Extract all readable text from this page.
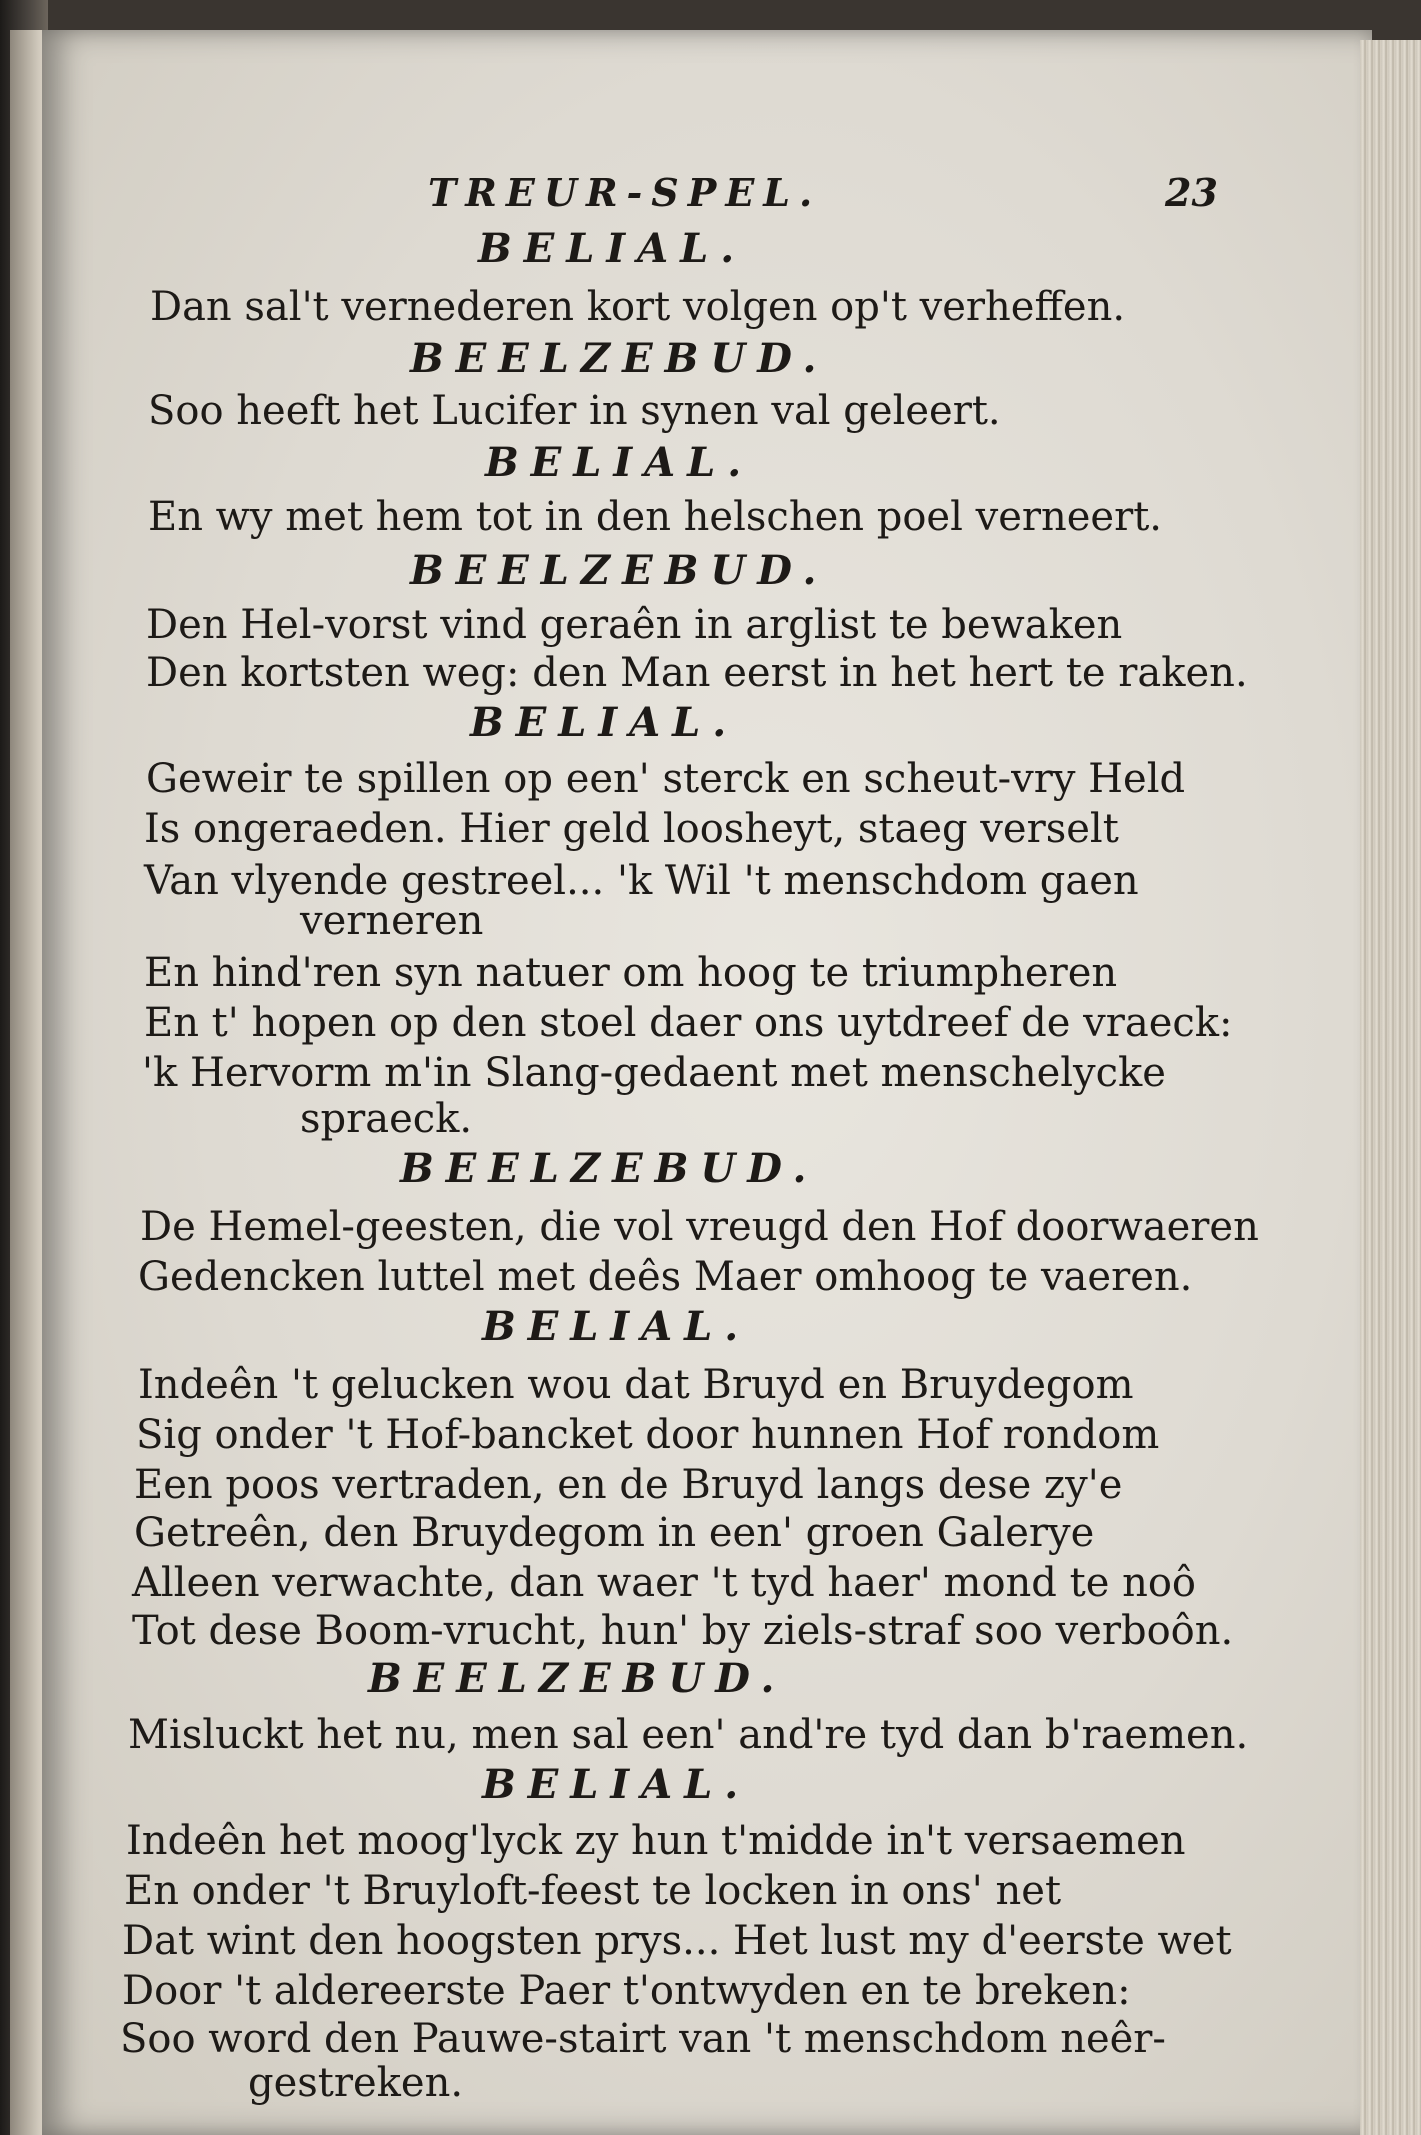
TREUR-SPEL.	23
BELIAL.
Dan sal't vernederen kort volgen op't verheffen.
BEELZEBUD.
Soo heeft het Lucifer in synen val geleert.
BELIAL.
En wy met hem tot in den helschen poel verneert.
BEELZEBUD.
Den Hel-vorst vind geraên in arglist te bewaken
Den kortsten weg: den Man eerst in het hert te raken.
BELIAL.
Geweir te spillen op een' sterck en scheut-vry Held
Is ongeraeden. Hier geld loosheyt, staeg verselt
Van vlyende gestreel... 'k Wil 't menschdom gaen
verneren
En hind'ren syn natuer om hoog te triumpheren
En t' hopen op den stoel daer ons uytdreef de vraeck:
'k Hervorm m'in Slang-gedaent met menschelycke
spraeck.
BEELZEBUD.
De Hemel-geesten, die vol vreugd den Hof doorwaeren
Gedencken luttel met deês Maer omhoog te vaeren.
BELIAL.
Indeên 't gelucken wou dat Bruyd en Bruydegom
Sig onder 't Hof-bancket door hunnen Hof rondom
Een poos vertraden, en de Bruyd langs dese zy'e
Getreên, den Bruydegom in een' groen Galerye
Alleen verwachte, dan waer 't tyd haer' mond te noô
Tot dese Boom-vrucht, hun' by ziels-straf soo verboôn.
BEELZEBUD.
Misluckt het nu, men sal een' and're tyd dan b'raemen.
BELIAL.
Indeên het moog'lyck zy hun t'midde in't versaemen
En onder 't Bruyloft-feest te locken in ons' net
Dat wint den hoogsten prys... Het lust my d'eerste wet
Door 't aldereerste Paer t'ontwyden en te breken:
Soo word den Pauwe-stairt van 't menschdom neêr-
gestreken.
